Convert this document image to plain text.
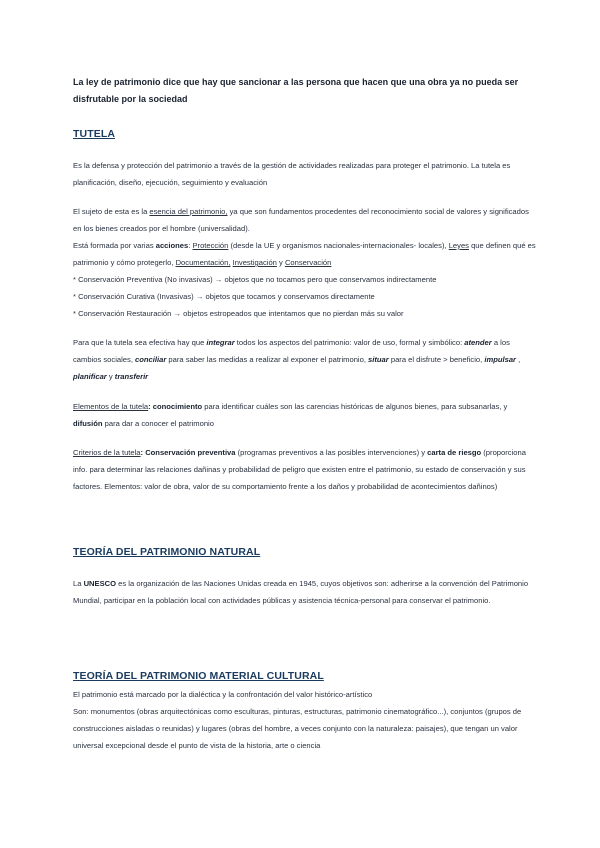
La ley de patrimonio dice que hay que sancionar a las persona que hacen que una obra ya no pueda ser disfrutable por la sociedad
TUTELA
Es la defensa y protección del patrimonio a través de la gestión de actividades realizadas para proteger el patrimonio. La tutela es planificación, diseño, ejecución, seguimiento y evaluación
El sujeto de esta es la esencia del patrimonio, ya que son fundamentos procedentes del reconocimiento social de valores y significados en los bienes creados por el hombre (universalidad).
Está formada por varias acciones: Protección (desde la UE y organismos nacionales-internacionales- locales), Leyes que definen qué es patrimonio y cómo protegerlo, Documentación, Investigación y Conservación

* Conservación Preventiva (No invasivas) → objetos que no tocamos pero que conservamos indirectamente

* Conservación Curativa (Invasivas) → objetos que tocamos y conservamos directamente

* Conservación Restauración → objetos estropeados que intentamos que no pierdan más su valor

Para que la tutela sea efectiva hay que integrar todos los aspectos del patrimonio: valor de uso, formal y simbólico: atender a los cambios sociales, conciliar para saber las medidas a realizar al exponer el patrimonio, situar para el disfrute > beneficio, impulsar , planificar y transferir
Elementos de la tutela: conocimiento para identificar cuáles son las carencias históricas de algunos bienes, para subsanarlas, y difusión para dar a conocer el patrimonio
Criterios de la tutela: Conservación preventiva (programas preventivos a las posibles intervenciones) y carta de riesgo (proporciona info. para determinar las relaciones dañinas y probabilidad de peligro que existen entre el patrimonio, su estado de conservación y sus factores. Elementos: valor de obra, valor de su comportamiento frente a los daños y probabilidad de acontecimientos dañinos)
TEORÍA DEL PATRIMONIO NATURAL
La UNESCO es la organización de las Naciones Unidas creada en 1945, cuyos objetivos son: adherirse a la convención del Patrimonio Mundial, participar en la población local con actividades públicas y asistencia técnica-personal para conservar el patrimonio.
TEORÍA DEL PATRIMONIO MATERIAL CULTURAL
El patrimonio está marcado por la dialéctica y la confrontación del valor histórico-artístico
Son: monumentos (obras arquitectónicas como esculturas, pinturas, estructuras, patrimonio cinematográfico...), conjuntos (grupos de construcciones aisladas o reunidas) y lugares (obras del hombre, a veces conjunto con la naturaleza: paisajes), que tengan un valor universal excepcional desde el punto de vista de la historia, arte o ciencia
